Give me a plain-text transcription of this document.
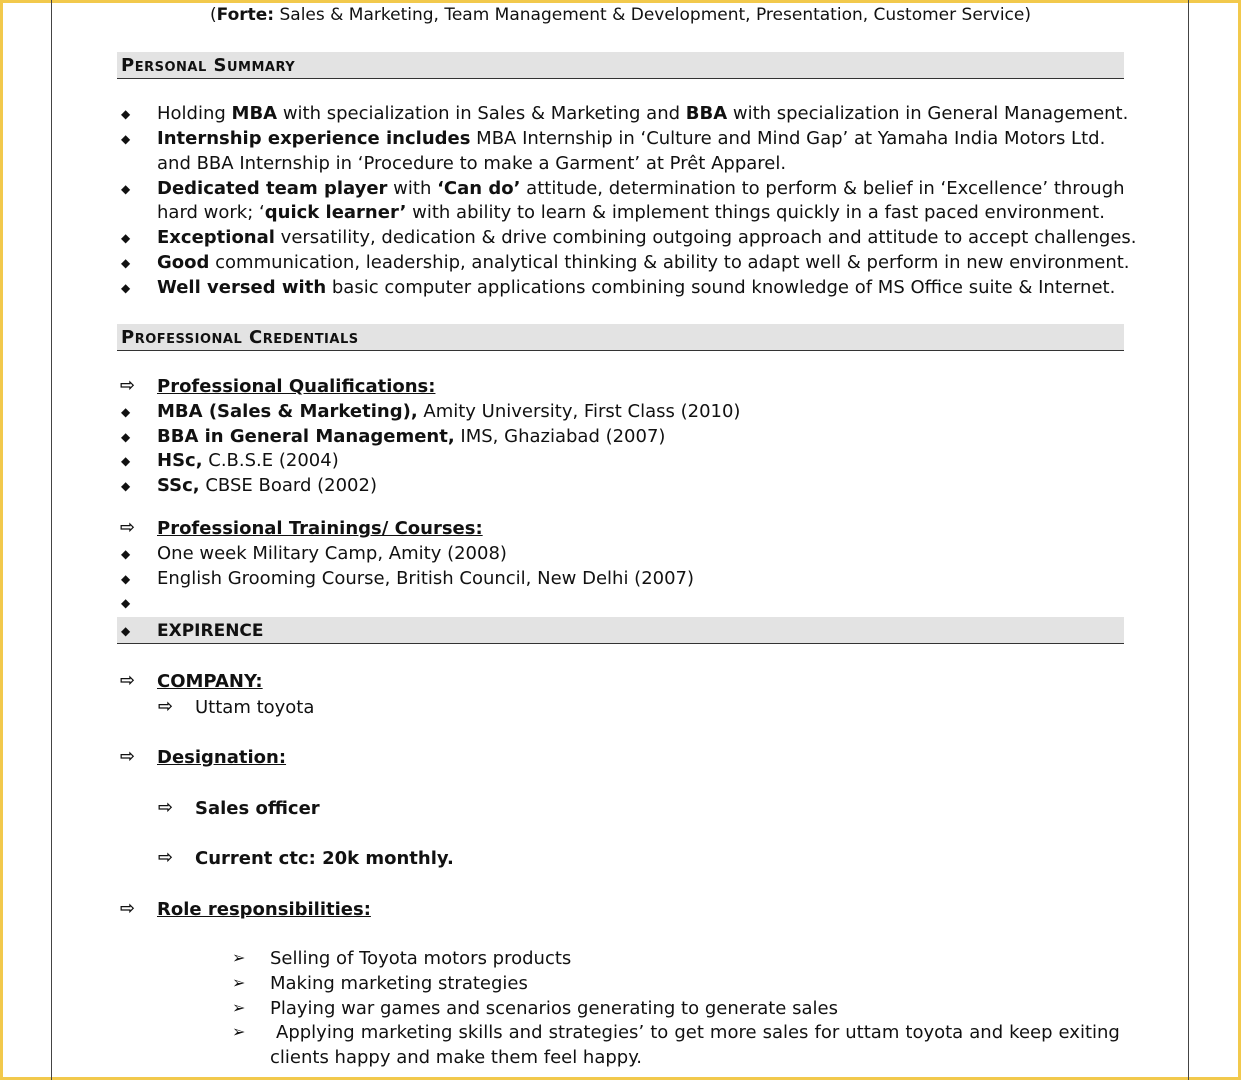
(Forte: Sales & Marketing, Team Management & Development, Presentation, Customer Service)
Personal Summary
◆ Holding MBA with specialization in Sales & Marketing and BBA with specialization in General Management.
◆ Internship experience includes MBA Internship in ‘Culture and Mind Gap’ at Yamaha India Motors Ltd.
and BBA Internship in ‘Procedure to make a Garment’ at Prêt Apparel.
◆ Dedicated team player with ‘Can do’ attitude, determination to perform & belief in ‘Excellence’ through
hard work; ‘quick learner’ with ability to learn & implement things quickly in a fast paced environment.
◆ Exceptional versatility, dedication & drive combining outgoing approach and attitude to accept challenges.
◆ Good communication, leadership, analytical thinking & ability to adapt well & perform in new environment.
◆ Well versed with basic computer applications combining sound knowledge of MS Office suite & Internet.
Professional Credentials
⇨ Professional Qualifications:
◆ MBA (Sales & Marketing), Amity University, First Class (2010)
◆ BBA in General Management, IMS, Ghaziabad (2007)
◆ HSc, C.B.S.E (2004)
◆ SSc, CBSE Board (2002)
⇨ Professional Trainings/ Courses:
◆ One week Military Camp, Amity (2008)
◆ English Grooming Course, British Council, New Delhi (2007)
◆
◆ EXPIRENCE
⇨ COMPANY:
⇨ Uttam toyota
⇨ Designation:
⇨ Sales officer
⇨ Current ctc: 20k monthly.
⇨ Role responsibilities:
➢ Selling of Toyota motors products
➢ Making marketing strategies
➢ Playing war games and scenarios generating to generate sales
➢ Applying marketing skills and strategies’ to get more sales for uttam toyota and keep exiting
clients happy and make them feel happy.
